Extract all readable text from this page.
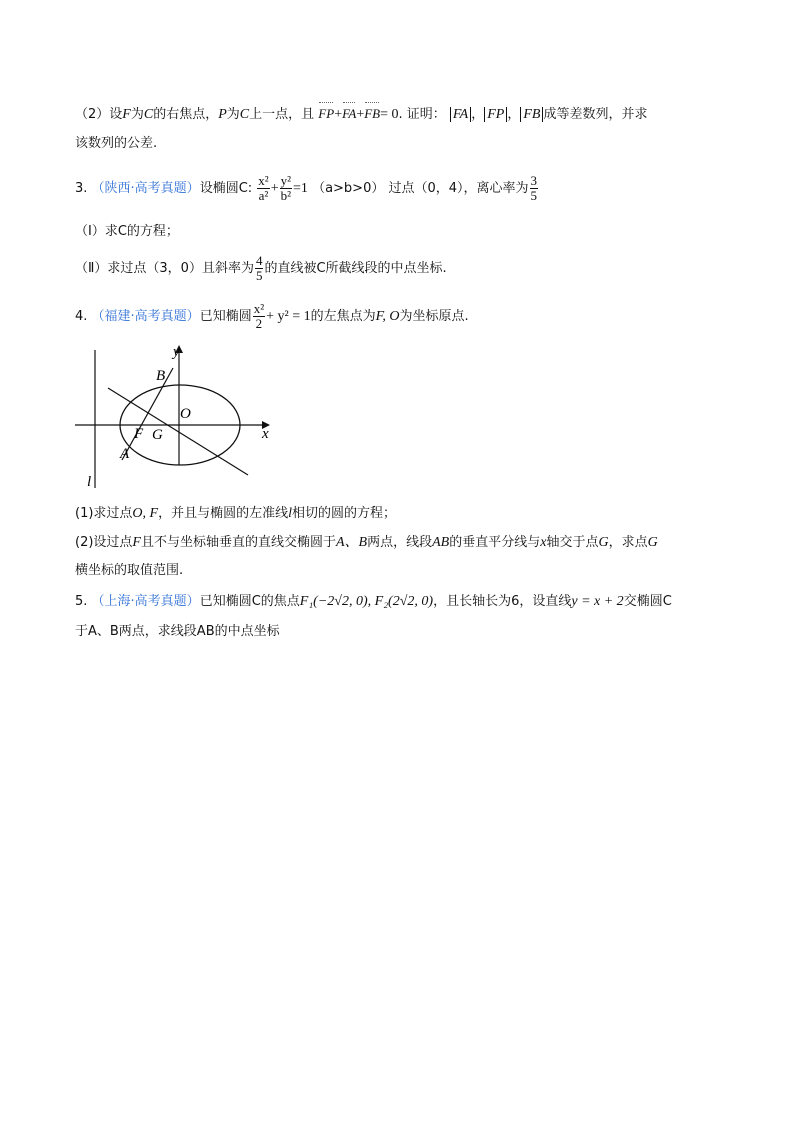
（2）设F为C的右焦点，P为C上一点，且 FP+FA+FB= 0. 证明： FA ， FP ， FB 成等差数列，并求
该数列的公差.
3. （陕西·高考真题）设椭圆C: $\frac{\text{x²}}{\text{a²}} + \frac{\text{y²}}{\text{b²}} =1$ （a>b>0） 过点（0，4），离心率为 $\frac{3}{5}$
（Ⅰ）求C的方程；
（Ⅱ）求过点（3，0）且斜率为 $\frac{4}{5}$ 的直线被C所截线段的中点坐标.
4. （福建·高考真题）已知椭圆 $\frac{\text{x²}}{2} + y^2 = 1$的左焦点为F, O为坐标原点.
y
x
B
O
F G
A
l
(1)求过点O, F，并且与椭圆的左准线l相切的圆的方程；
(2)设过点F且不与坐标轴垂直的直线交椭圆于A、B两点，线段AB的垂直平分线与x轴交于点G，求点G
横坐标的取值范围.
5. （上海·高考真题）已知椭圆C的焦点F₁(−2√2, 0), F₂(2√2, 0)，且长轴长为6，设直线y = x + 2交椭圆C
于A、B两点，求线段AB的中点坐标
